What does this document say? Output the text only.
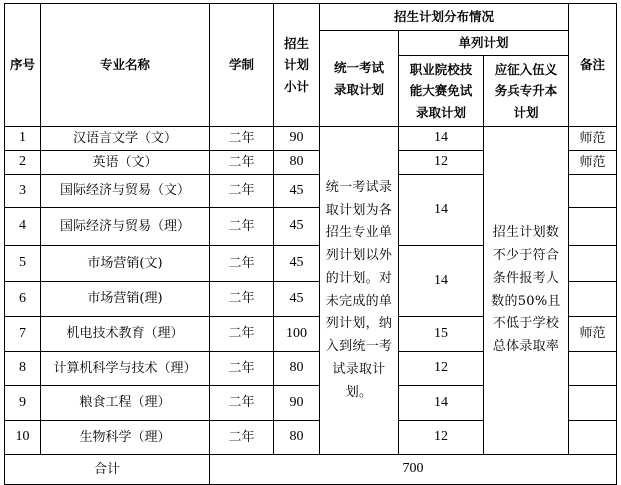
序号	专业名称	学制	招生计划小计	招生计划分布情况			备注
				统一考试录取计划	单列计划		
					职业院校技能大赛免试录取计划	应征入伍义务兵专升本计划	
1	汉语言文学（文）	二年	90	统一考试录取计划为各招生专业单列计划以外的计划。对未完成的单列计划，纳入到统一考试录取计划。	14	招生计划数不少于符合条件报考人数的50%且不低于学校总体录取率	师范
2	英语（文）	二年	80		12		师范
3	国际经济与贸易（文）	二年	45		14		
4	国际经济与贸易（理）	二年	45				
5	市场营销(文)	二年	45		14		
6	市场营销(理)	二年	45				
7	机电技术教育（理）	二年	100		15		师范
8	计算机科学与技术（理）	二年	80		12		
9	粮食工程（理）	二年	90		14		
10	生物科学（理）	二年	80		12		
合计		700					
